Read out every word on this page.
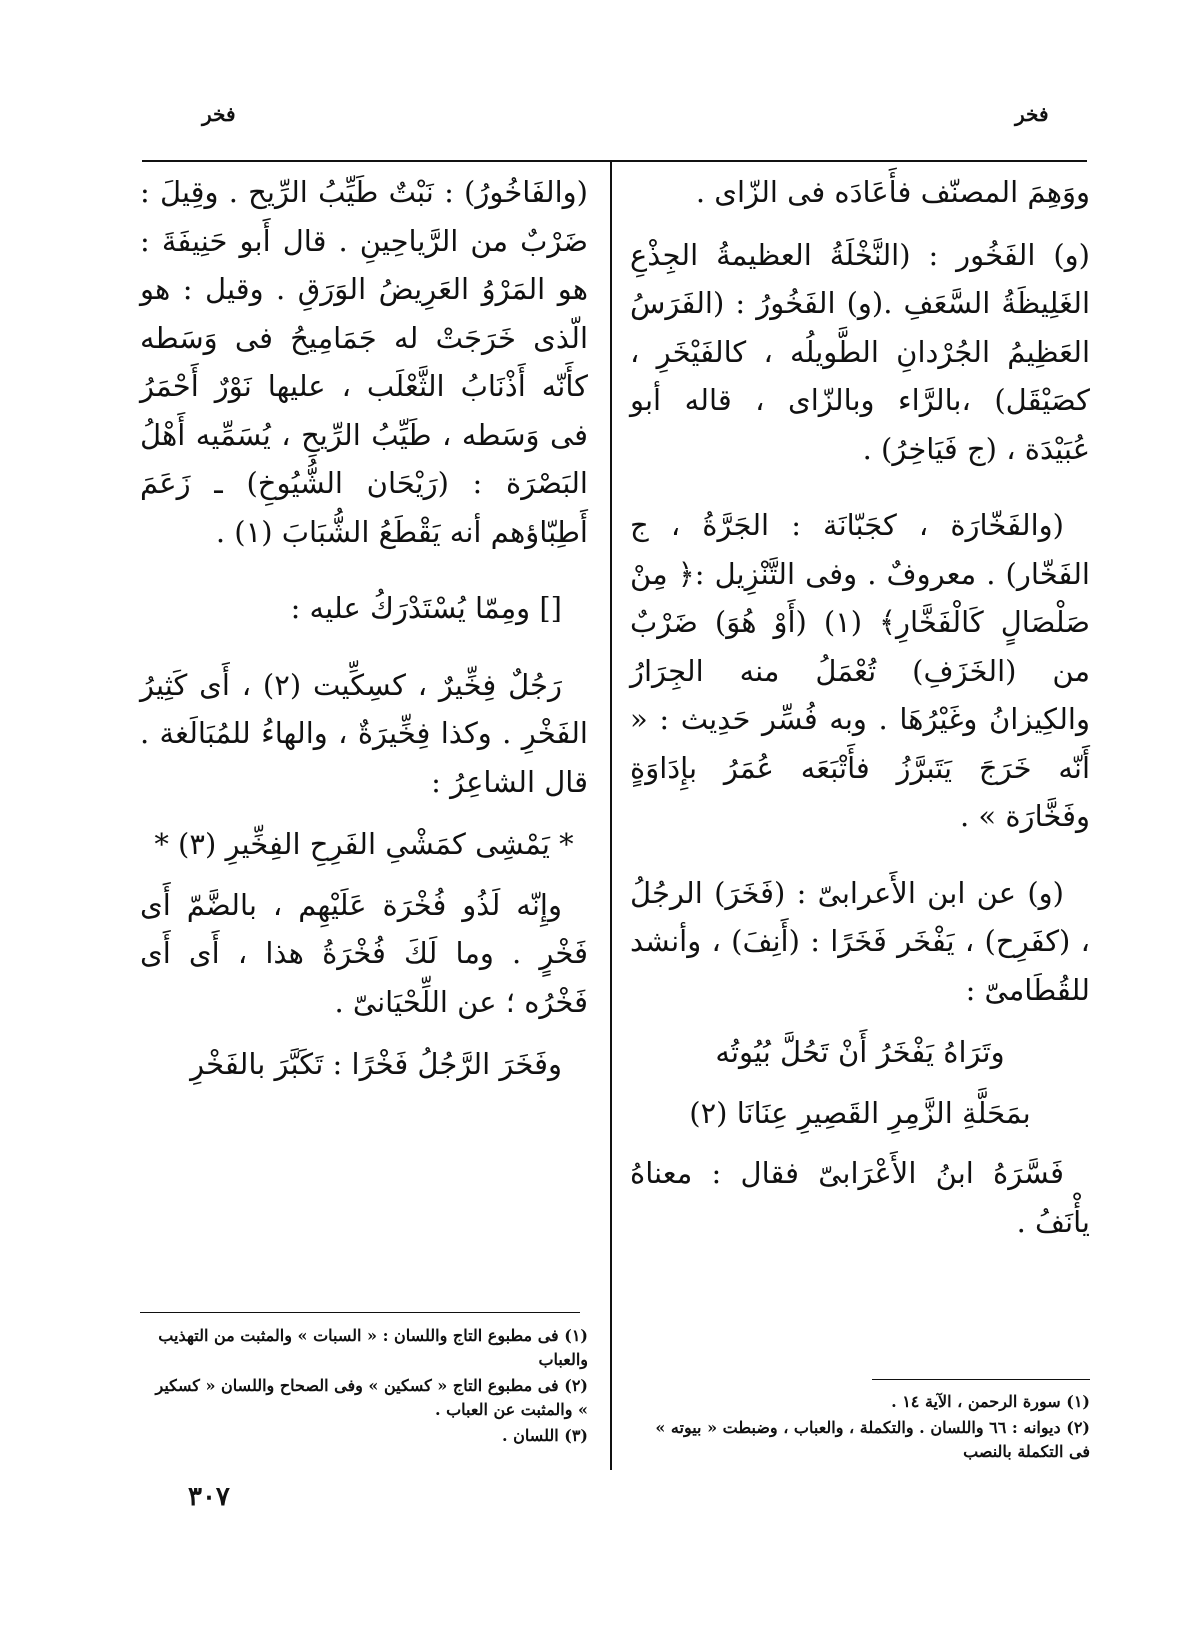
فخر
فخر

ووَهِمَ المصنّف فأَعَادَه فى الزّاى .

(و) الفَخُور : (النَّخْلَةُ العظيمةُ الجِذْعِ الغَلِيظَةُ السَّعَفِ .(و) الفَخُورُ : (الفَرَسُ العَظِيمُ الجُرْدانِ الطَّويلُه ، كالفَيْخَرِ ، كصَيْقَل) ،بالرَّاء وبالزّاى ، قاله أبو عُبَيْدَة ، (ج فَيَاخِرُ) .

(والفَخّارَة ، كجَبّانَة : الجَرَّةُ ، ج الفَخّار) . معروفٌ . وفى التَّنْزِيل :﴿ مِنْ صَلْصَالٍ كَالْفَخَّارِ﴾ (١) (أَوْ هُوَ) ضَرْبٌ من (الخَزَفِ) تُعْمَلُ منه الجِرَارُ والكِيزانُ وغَيْرُهَا . وبه فُسِّر حَدِيث : « أَنّه خَرَجَ يَتَبرَّزُ فأَتْبَعَه عُمَرُ بإِدَاوَةٍ وفَخَّارَة » .

(و) عن ابن الأَعرابىّ : (فَخَرَ) الرجُلُ ، (كفَرِح) ، يَفْخَر فَخَرًا : (أَنِفَ) ، وأنشد للقُطَامىّ :

وتَرَاهُ يَفْخَرُ أَنْ تَحُلَّ بُيُوتُه

بمَحَلَّةِ الزَّمِرِ القَصِيرِ عِنَانَا (٢)

فَسَّرَهُ ابنُ الأَعْرَابىّ فقال : معناهُ يأْنَفُ .

(والفَاخُورُ) : نَبْتٌ طَيِّبُ الرِّيح . وقِيلَ : ضَرْبٌ من الرَّياحِينِ . قال أَبو حَنِيفَةَ : هو المَرْوُ العَرِيضُ الوَرَقِ . وقيل : هو الّذى خَرَجَتْ له جَمَامِيحُ فى وَسَطه كأَنّه أَذْنَابُ الثَّعْلَب ، عليها نَوْرٌ أَحْمَرُ فى وَسَطه ، طَيِّبُ الرِّيحِ ، يُسَمِّيه أَهْلُ البَصْرَة : (رَيْحَان الشُّيُوخِ) ـ زَعَمَ أَطِبّاؤهم أنه يَقْطَعُ الشُّبَابَ (١) .

[] ومِمّا يُسْتَدْرَكُ عليه :

رَجُلٌ فِخِّيرٌ ، كسِكِّيت (٢) ، أَى كَثِيرُ الفَخْرِ . وكذا فِخِّيرَةٌ ، والهاءُ للمُبَالَغة . قال الشاعِرُ :

* يَمْشِى كمَشْىِ الفَرِحِ الفِخِّيرِ (٣) *

وإِنّه لَذُو فُخْرَة عَلَيْهِم ، بالضَّمّ أَى فَخْرٍ . وما لَكَ فُخْرَةُ هذا ، أَى أَى فَخْرُه ؛ عن اللِّحْيَانىّ .

وفَخَرَ الرَّجُلُ فَخْرًا : تَكَبَّرَ بالفَخْرِ

(١) فى مطبوع التاج واللسان : « السبات » والمثبت من التهذيب والعباب
(٢) فى مطبوع التاج « كسكين » وفى الصحاح واللسان « كسكير » والمثبت عن العباب .
(٣) اللسان .
(١) سورة الرحمن ، الآية ١٤ .
(٢) ديوانه : ٦٦ واللسان . والتكملة ، والعباب ، وضبطت « بيوته » فى التكملة بالنصب
٣٠٧
